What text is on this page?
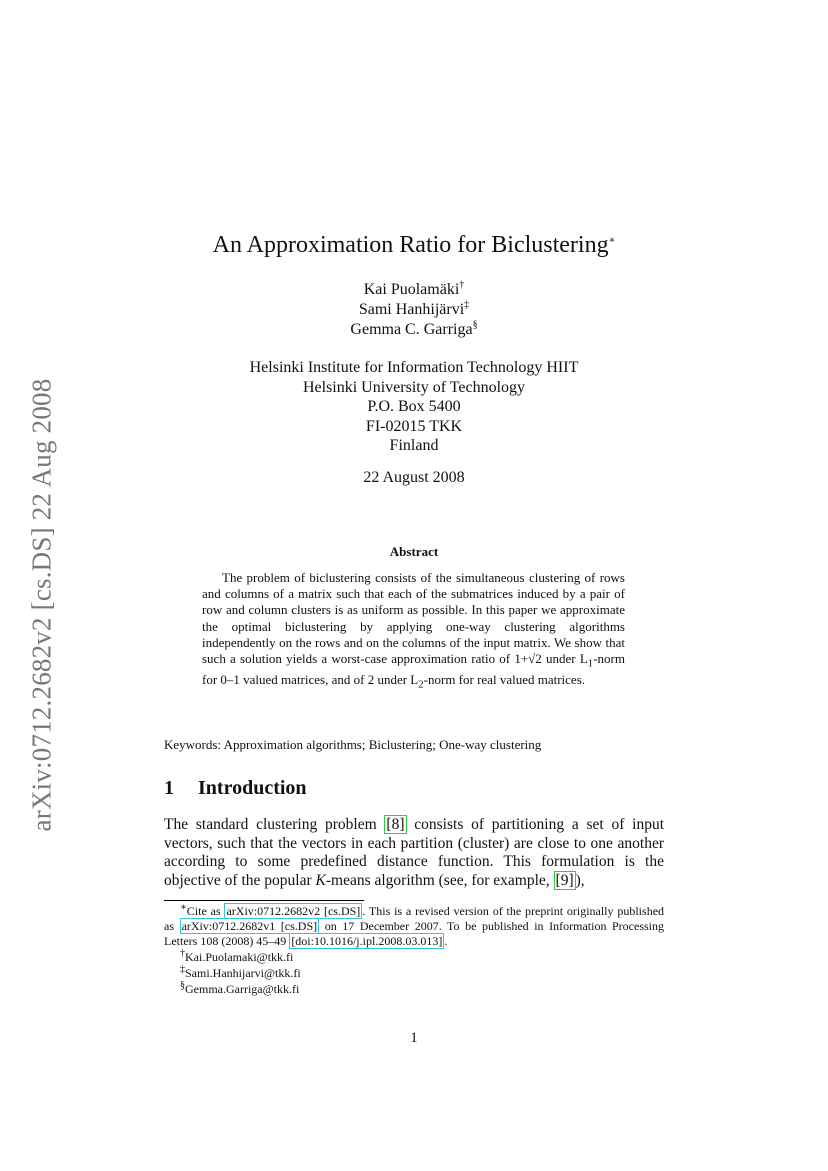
arXiv:0712.2682v2 [cs.DS] 22 Aug 2008
An Approximation Ratio for Biclustering∗
Kai Puolamäki†
Sami Hanhijärvi‡
Gemma C. Garriga§
Helsinki Institute for Information Technology HIIT
Helsinki University of Technology
P.O. Box 5400
FI-02015 TKK
Finland
22 August 2008
Abstract

The problem of biclustering consists of the simultaneous clustering of rows and columns of a matrix such that each of the submatrices induced by a pair of row and column clusters is as uniform as possible. In this paper we approximate the optimal biclustering by applying one-way clustering algorithms independently on the rows and on the columns of the input matrix. We show that such a solution yields a worst-case approximation ratio of 1+√2 under $L_1$-norm for 0–1 valued matrices, and of 2 under $L_2$-norm for real valued matrices.

Keywords: Approximation algorithms; Biclustering; One-way clustering
1 Introduction

The standard clustering problem [8] consists of partitioning a set of input vectors, such that the vectors in each partition (cluster) are close to one another according to some predefined distance function. This formulation is the objective of the popular K-means algorithm (see, for example, [9] ),

∗Cite as arXiv:0712.2682v2 [cs.DS] . This is a revised version of the preprint originally published as arXiv:0712.2682v1 [cs.DS] on 17 December 2007. To be published in Information Processing Letters 108 (2008) 45–49 [doi:10.1016/j.ipl.2008.03.013] .

†Kai.Puolamaki@tkk.fi
‡Sami.Hanhijarvi@tkk.fi
§Gemma.Garriga@tkk.fi
1
